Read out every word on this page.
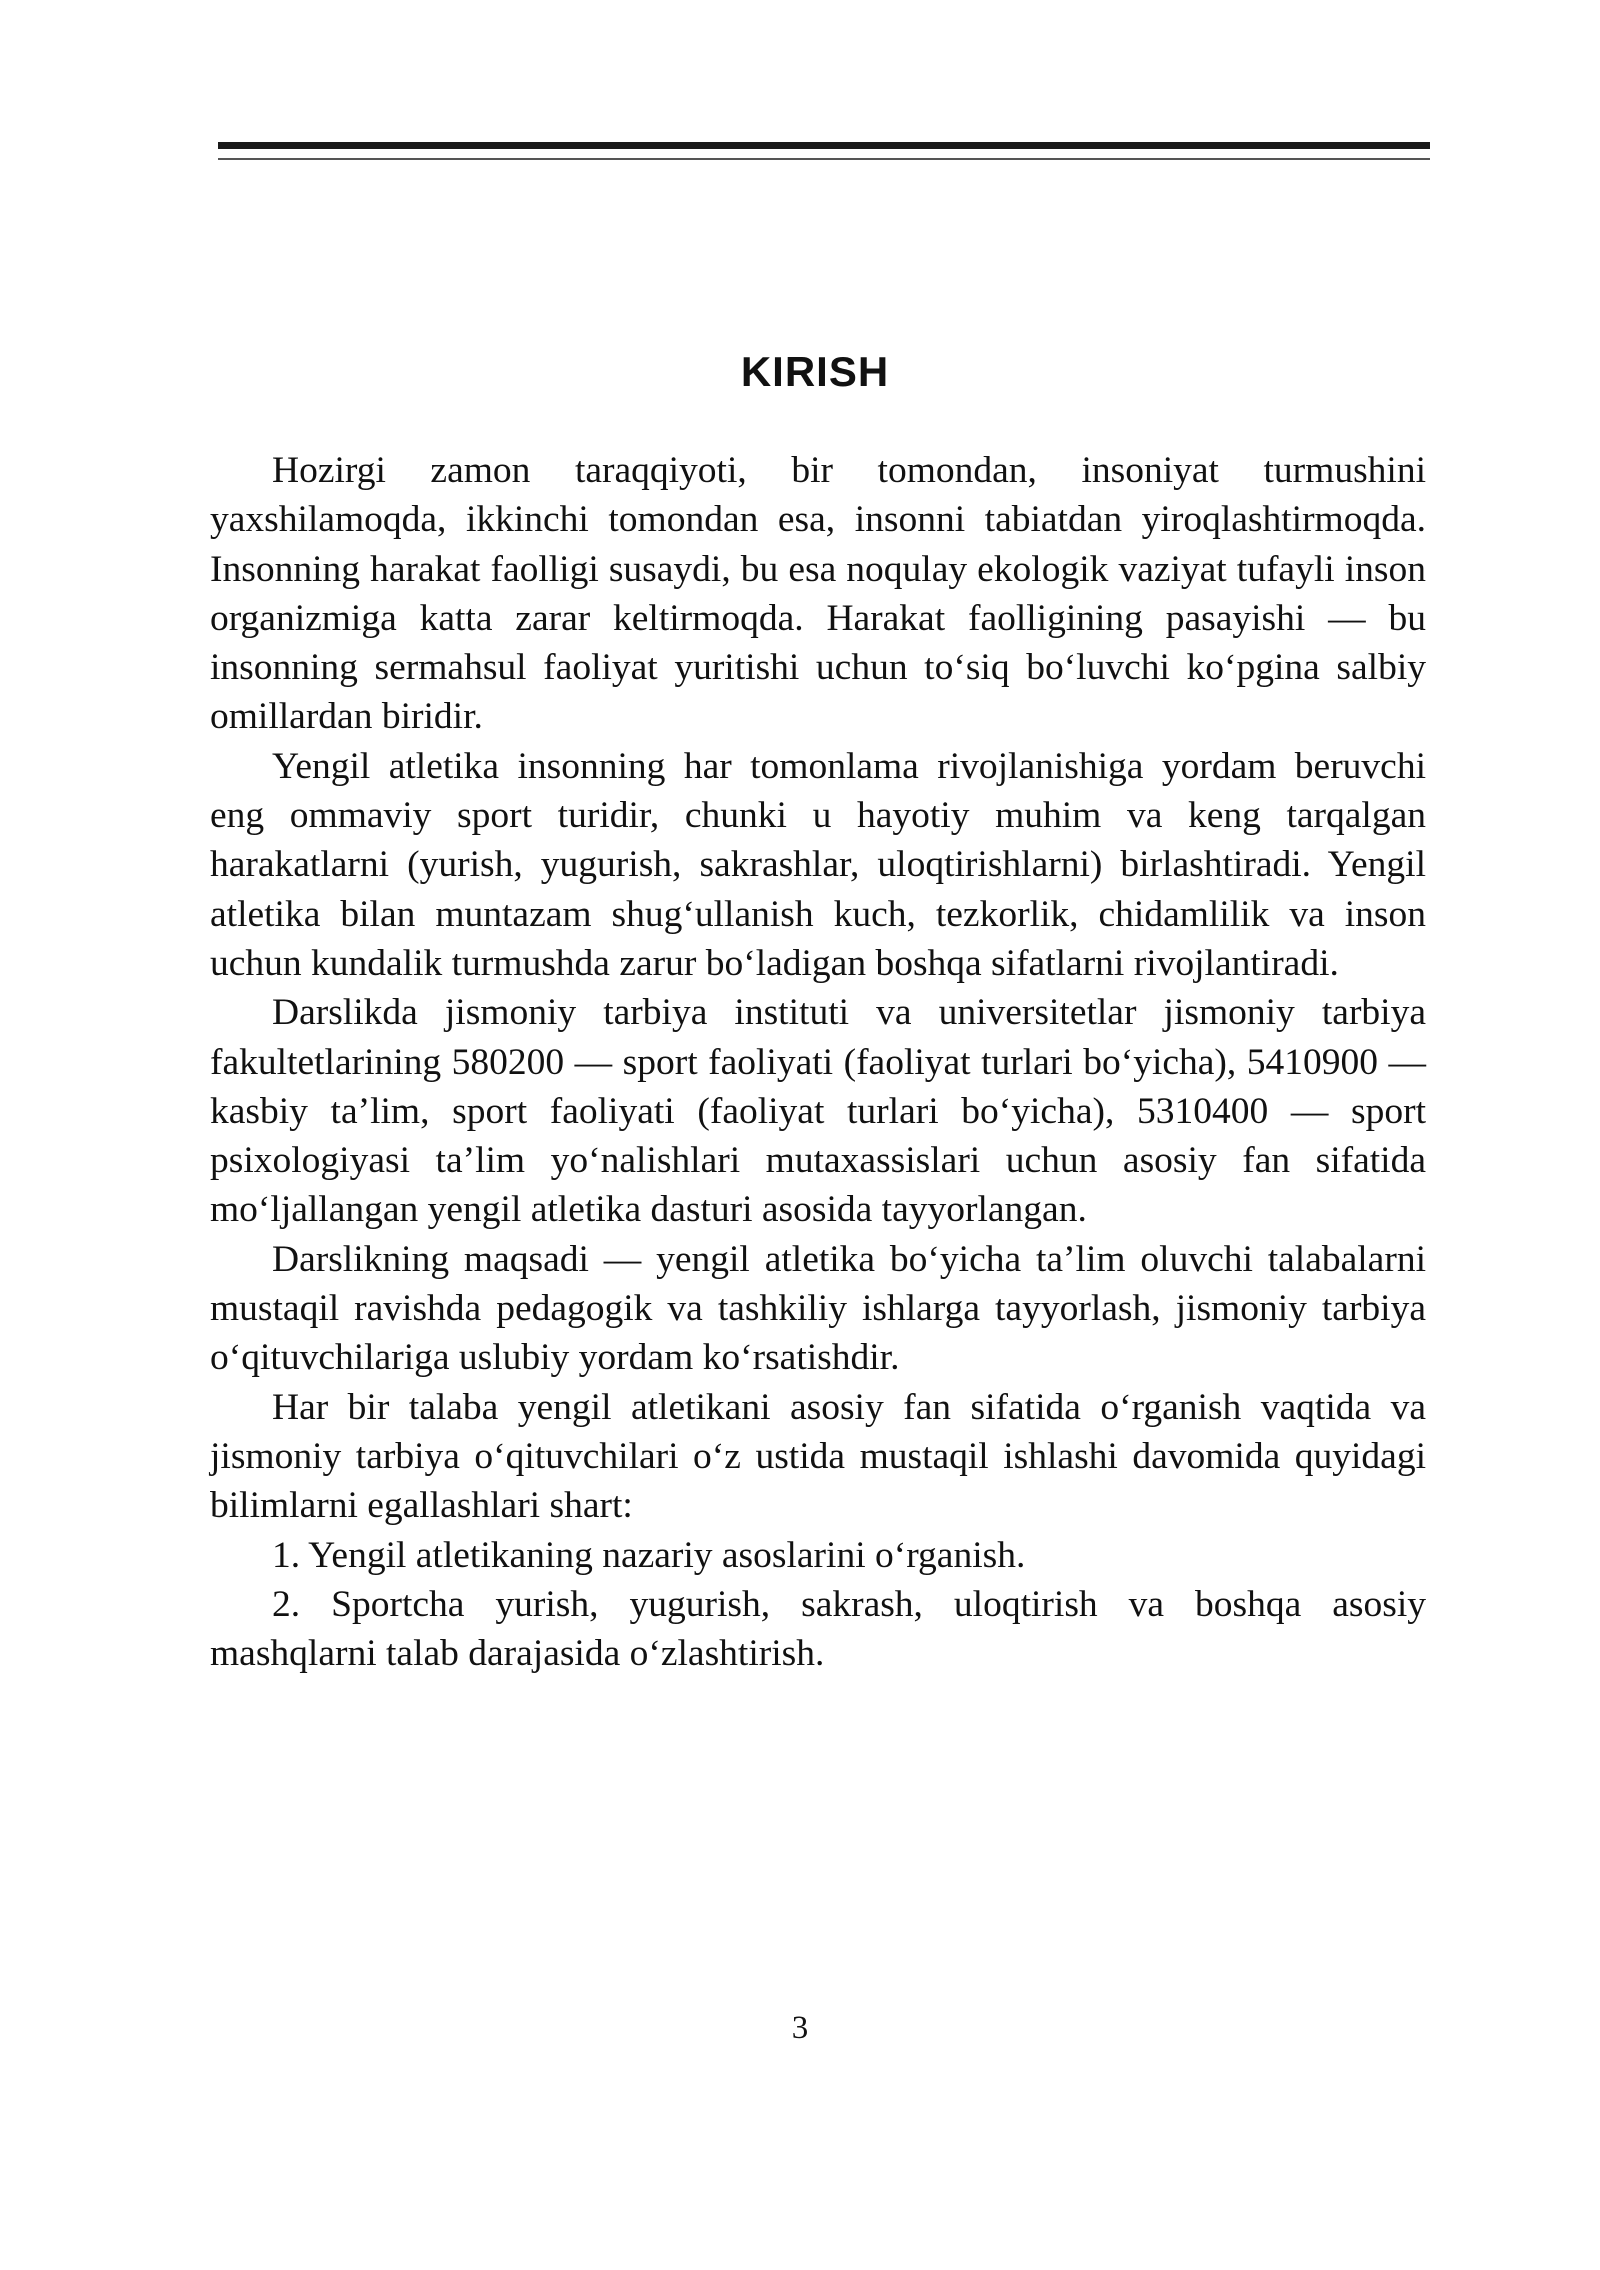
KIRISH

Hozirgi zamon taraqqiyoti, bir tomondan, insoniyat turmushini yaxshilamoqda, ikkinchi tomondan esa, insonni tabiatdan yiroqlashtirmoqda. Insonning harakat faolligi susaydi, bu esa noqulay ekologik vaziyat tufayli inson organizmiga katta zarar keltirmoqda. Harakat faolligining pasayishi — bu insonning sermahsul faoliyat yuritishi uchun to‘siq bo‘luvchi ko‘pgina salbiy omillardan biridir.

Yengil atletika insonning har tomonlama rivojlanishiga yordam beruvchi eng ommaviy sport turidir, chunki u hayotiy muhim va keng tarqalgan harakatlarni (yurish, yugurish, sakrashlar, uloqtirishlarni) birlashtiradi. Yengil atletika bilan muntazam shug‘ullanish kuch, tezkorlik, chidamlilik va inson uchun kundalik turmushda zarur bo‘ladigan boshqa sifatlarni rivojlantiradi.

Darslikda jismoniy tarbiya instituti va universitetlar jismoniy tarbiya fakultetlarining 580200 — sport faoliyati (faoliyat turlari bo‘yicha), 5410900 — kasbiy ta’lim, sport faoliyati (faoliyat turlari bo‘yicha), 5310400 — sport psixologiyasi ta’lim yo‘nalishlari mutaxassislari uchun asosiy fan sifatida mo‘ljallangan yengil atletika dasturi asosida tayyorlangan.

Darslikning maqsadi — yengil atletika bo‘yicha ta’lim oluvchi talabalarni mustaqil ravishda pedagogik va tashkiliy ishlarga tayyorlash, jismoniy tarbiya o‘qituvchilariga uslubiy yordam ko‘rsatishdir.

Har bir talaba yengil atletikani asosiy fan sifatida o‘rganish vaqtida va jismoniy tarbiya o‘qituvchilari o‘z ustida mustaqil ishlashi davomida quyidagi bilimlarni egallashlari shart:

1. Yengil atletikaning nazariy asoslarini o‘rganish.

2. Sportcha yurish, yugurish, sakrash, uloqtirish va boshqa asosiy mashqlarni talab darajasida o‘zlashtirish.

3
